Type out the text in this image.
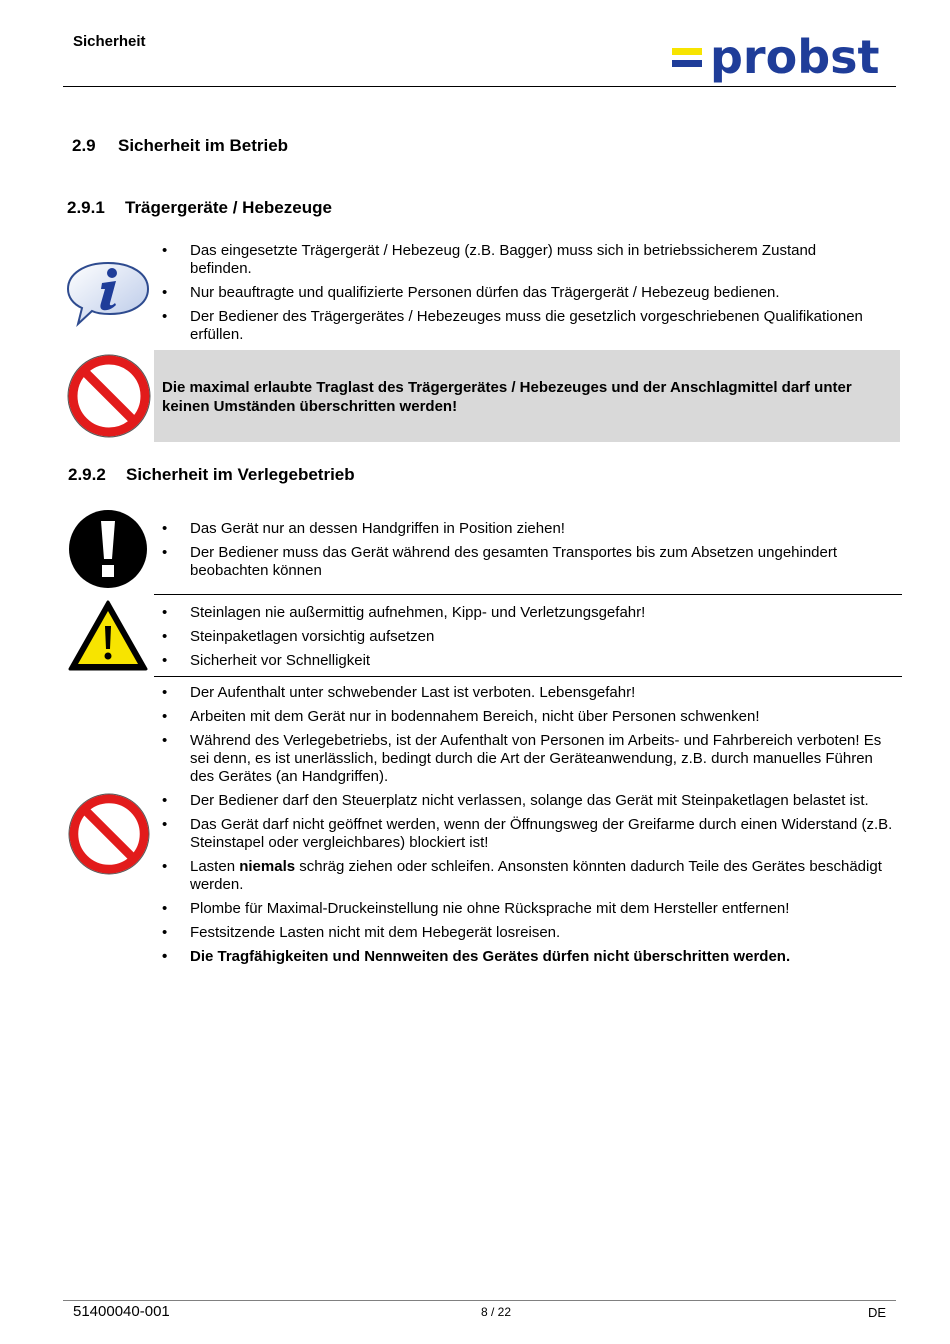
Sicherheit	probst
2.9 Sicherheit im Betrieb
2.9.1 Trägergeräte / Hebezeuge
• Das eingesetzte Trägergerät / Hebezeug (z.B. Bagger) muss sich in betriebssicherem Zustand befinden.
• Nur beauftragte und qualifizierte Personen dürfen das Trägergerät / Hebezeug bedienen.
• Der Bediener des Trägergerätes / Hebezeuges muss die gesetzlich vorgeschriebenen Qualifikationen erfüllen.
Die maximal erlaubte Traglast des Trägergerätes / Hebezeuges und der Anschlagmittel darf unter keinen Umständen überschritten werden!
2.9.2 Sicherheit im Verlegebetrieb
• Das Gerät nur an dessen Handgriffen in Position ziehen!
• Der Bediener muss das Gerät während des gesamten Transportes bis zum Absetzen ungehindert beobachten können
• Steinlagen nie außermittig aufnehmen, Kipp- und Verletzungsgefahr!
• Steinpaketlagen vorsichtig aufsetzen
• Sicherheit vor Schnelligkeit
• Der Aufenthalt unter schwebender Last ist verboten. Lebensgefahr!
• Arbeiten mit dem Gerät nur in bodennahem Bereich, nicht über Personen schwenken!
• Während des Verlegebetriebs, ist der Aufenthalt von Personen im Arbeits- und Fahrbereich verboten! Es sei denn, es ist unerlässlich, bedingt durch die Art der Geräteanwendung, z.B. durch manuelles Führen des Gerätes (an Handgriffen).
• Der Bediener darf den Steuerplatz nicht verlassen, solange das Gerät mit Steinpaketlagen belastet ist.
• Das Gerät darf nicht geöffnet werden, wenn der Öffnungsweg der Greifarme durch einen Widerstand (z.B. Steinstapel oder vergleichbares) blockiert ist!
• Lasten niemals schräg ziehen oder schleifen. Ansonsten könnten dadurch Teile des Gerätes beschädigt werden.
• Plombe für Maximal-Druckeinstellung nie ohne Rücksprache mit dem Hersteller entfernen!
• Festsitzende Lasten nicht mit dem Hebegerät losreisen.
• Die Tragfähigkeiten und Nennweiten des Gerätes dürfen nicht überschritten werden.
51400040-001	8 / 22	DE
